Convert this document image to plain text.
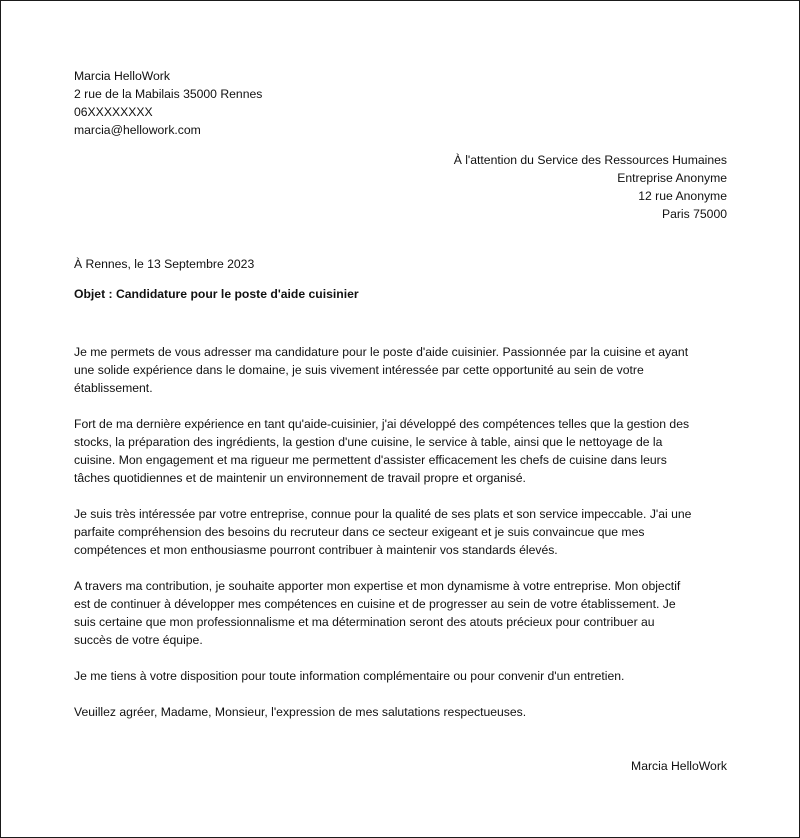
Marcia HelloWork
2 rue de la Mabilais 35000 Rennes
06XXXXXXXX
marcia@hellowork.com
À l'attention du Service des Ressources Humaines
Entreprise Anonyme
12 rue Anonyme
Paris 75000
À Rennes, le 13 Septembre 2023
Objet : Candidature pour le poste d'aide cuisinier
Je me permets de vous adresser ma candidature pour le poste d'aide cuisinier. Passionnée par la cuisine et ayant
une solide expérience dans le domaine, je suis vivement intéressée par cette opportunité au sein de votre
établissement.
Fort de ma dernière expérience en tant qu'aide-cuisinier, j'ai développé des compétences telles que la gestion des
stocks, la préparation des ingrédients, la gestion d'une cuisine, le service à table, ainsi que le nettoyage de la
cuisine. Mon engagement et ma rigueur me permettent d'assister efficacement les chefs de cuisine dans leurs
tâches quotidiennes et de maintenir un environnement de travail propre et organisé.
Je suis très intéressée par votre entreprise, connue pour la qualité de ses plats et son service impeccable. J'ai une
parfaite compréhension des besoins du recruteur dans ce secteur exigeant et je suis convaincue que mes
compétences et mon enthousiasme pourront contribuer à maintenir vos standards élevés.
A travers ma contribution, je souhaite apporter mon expertise et mon dynamisme à votre entreprise. Mon objectif
est de continuer à développer mes compétences en cuisine et de progresser au sein de votre établissement. Je
suis certaine que mon professionnalisme et ma détermination seront des atouts précieux pour contribuer au
succès de votre équipe.
Je me tiens à votre disposition pour toute information complémentaire ou pour convenir d'un entretien.
Veuillez agréer, Madame, Monsieur, l'expression de mes salutations respectueuses.
Marcia HelloWork
